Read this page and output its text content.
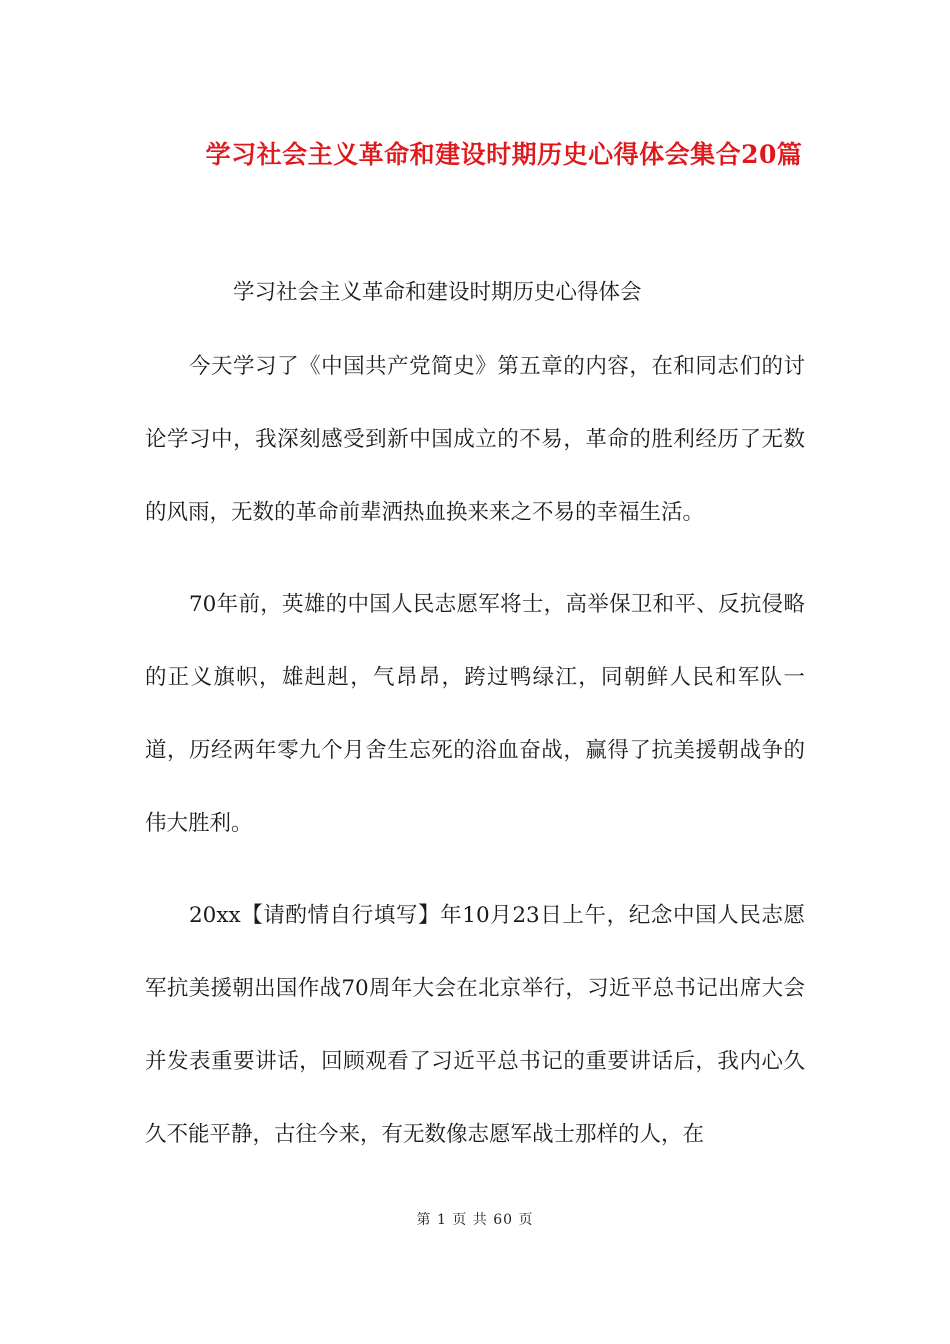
学习社会主义革命和建设时期历史心得体会集合20篇
学习社会主义革命和建设时期历史心得体会
今天学习了《中国共产党简史》第五章的内容，在和同志们的讨论学习中，我深刻感受到新中国成立的不易，革命的胜利经历了无数的风雨，无数的革命前辈洒热血换来来之不易的幸福生活。
70年前，英雄的中国人民志愿军将士，高举保卫和平、反抗侵略的正义旗帜，雄赳赳，气昂昂，跨过鸭绿江，同朝鲜人民和军队一道，历经两年零九个月舍生忘死的浴血奋战，赢得了抗美援朝战争的伟大胜利。
20xx【请酌情自行填写】年10月23日上午，纪念中国人民志愿军抗美援朝出国作战70周年大会在北京举行，习近平总书记出席大会并发表重要讲话，回顾观看了习近平总书记的重要讲话后，我内心久久不能平静，古往今来，有无数像志愿军战士那样的人，在
第 1 页 共 60 页
